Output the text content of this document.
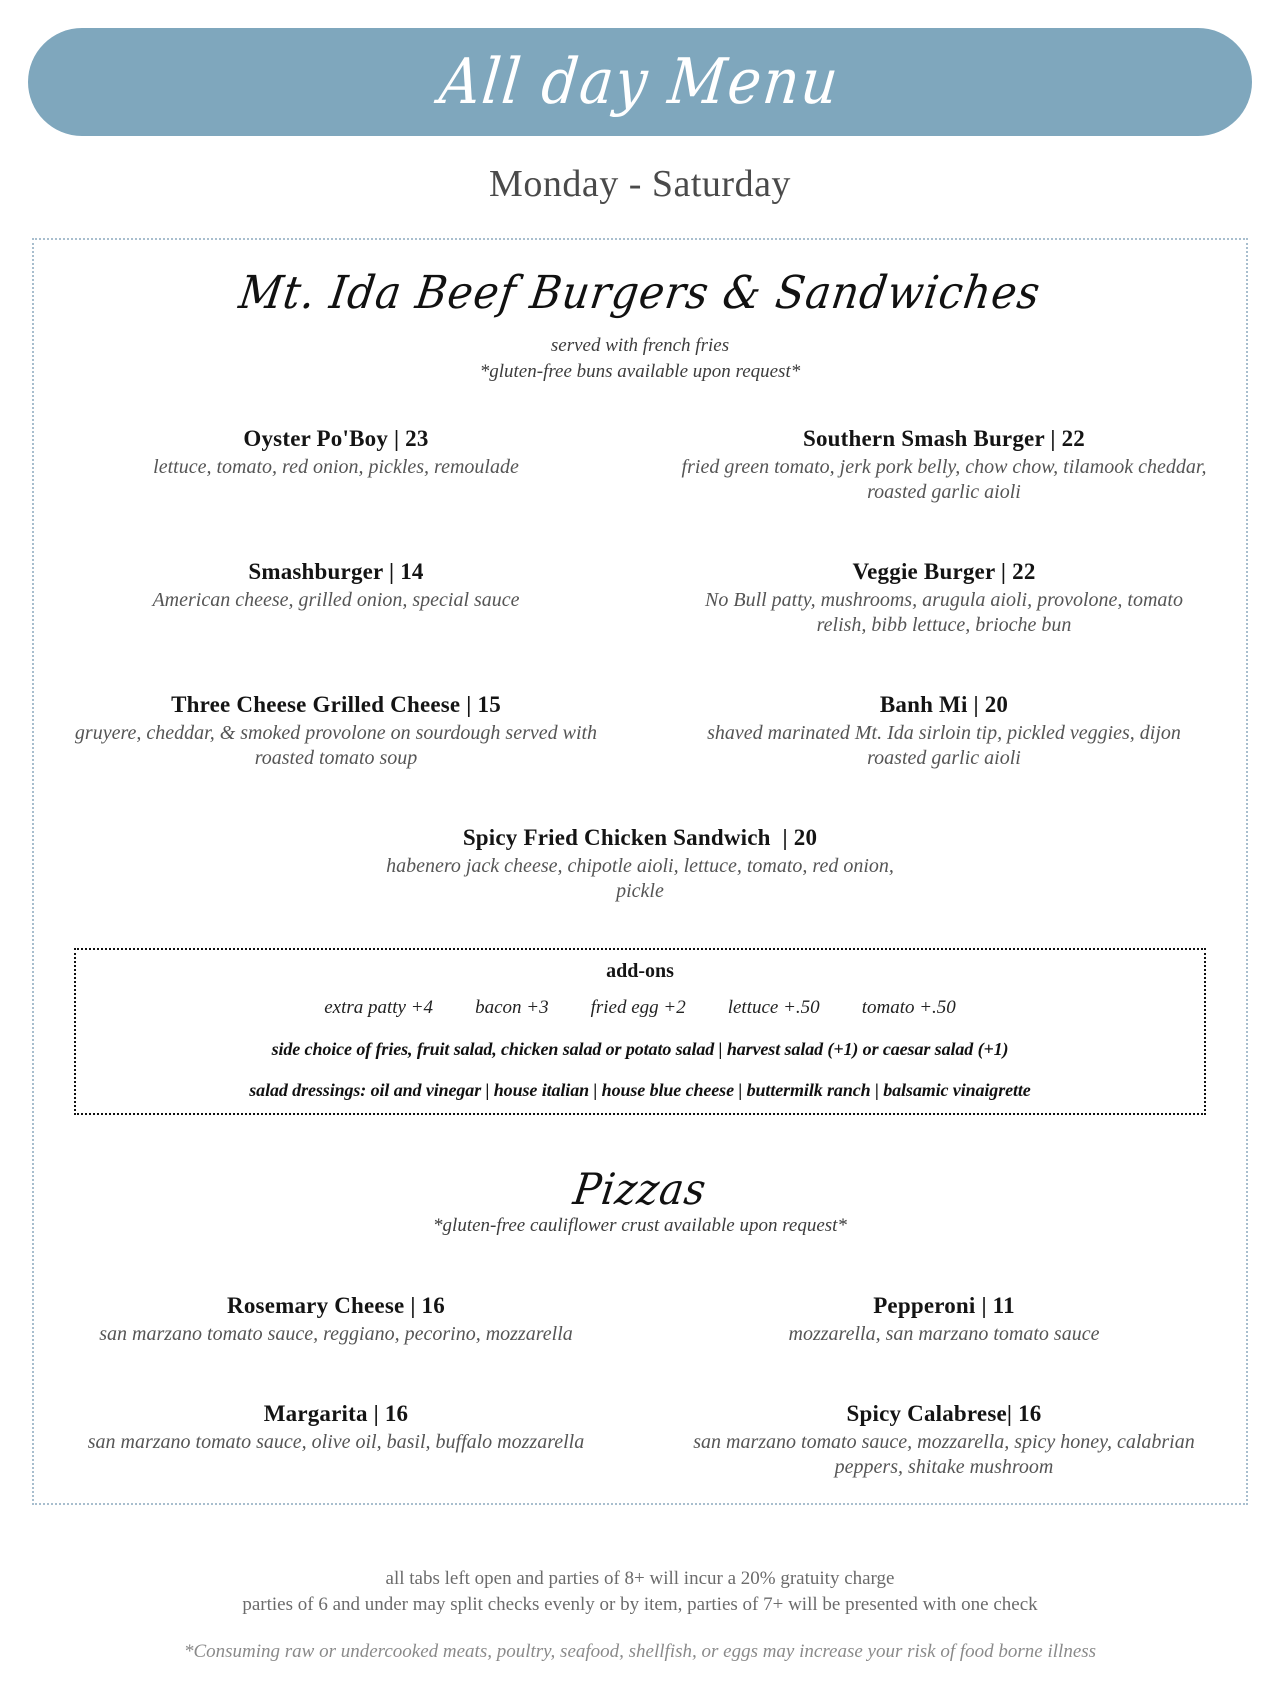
All day Menu
Monday - Saturday
Mt. Ida Beef Burgers & Sandwiches
served with french fries
*gluten-free buns available upon request*
Oyster Po'Boy | 23
lettuce, tomato, red onion, pickles, remoulade
Southern Smash Burger | 22
fried green tomato, jerk pork belly, chow chow, tilamook cheddar, roasted garlic aioli
Smashburger | 14
American cheese, grilled onion, special sauce
Veggie Burger | 22
No Bull patty, mushrooms, arugula aioli, provolone, tomato relish, bibb lettuce, brioche bun
Three Cheese Grilled Cheese | 15
gruyere, cheddar, & smoked provolone on sourdough served with roasted tomato soup
Banh Mi | 20
shaved marinated Mt. Ida sirloin tip, pickled veggies, dijon roasted garlic aioli
Spicy Fried Chicken Sandwich  | 20
habenero jack cheese, chipotle aioli, lettuce, tomato, red onion, pickle
add-ons
extra patty +4 bacon +3 fried egg +2 lettuce +.50 tomato +.50
side choice of fries, fruit salad, chicken salad or potato salad | harvest salad (+1) or caesar salad (+1)
salad dressings: oil and vinegar | house italian | house blue cheese | buttermilk ranch | balsamic vinaigrette
Pizzas
*gluten-free cauliflower crust available upon request*
Rosemary Cheese | 16
san marzano tomato sauce, reggiano, pecorino, mozzarella
Pepperoni | 11
mozzarella, san marzano tomato sauce
Margarita | 16
san marzano tomato sauce, olive oil, basil, buffalo mozzarella
Spicy Calabrese| 16
san marzano tomato sauce, mozzarella, spicy honey, calabrian peppers, shitake mushroom
all tabs left open and parties of 8+ will incur a 20% gratuity charge
parties of 6 and under may split checks evenly or by item, parties of 7+ will be presented with one check
*Consuming raw or undercooked meats, poultry, seafood, shellfish, or eggs may increase your risk of food borne illness
